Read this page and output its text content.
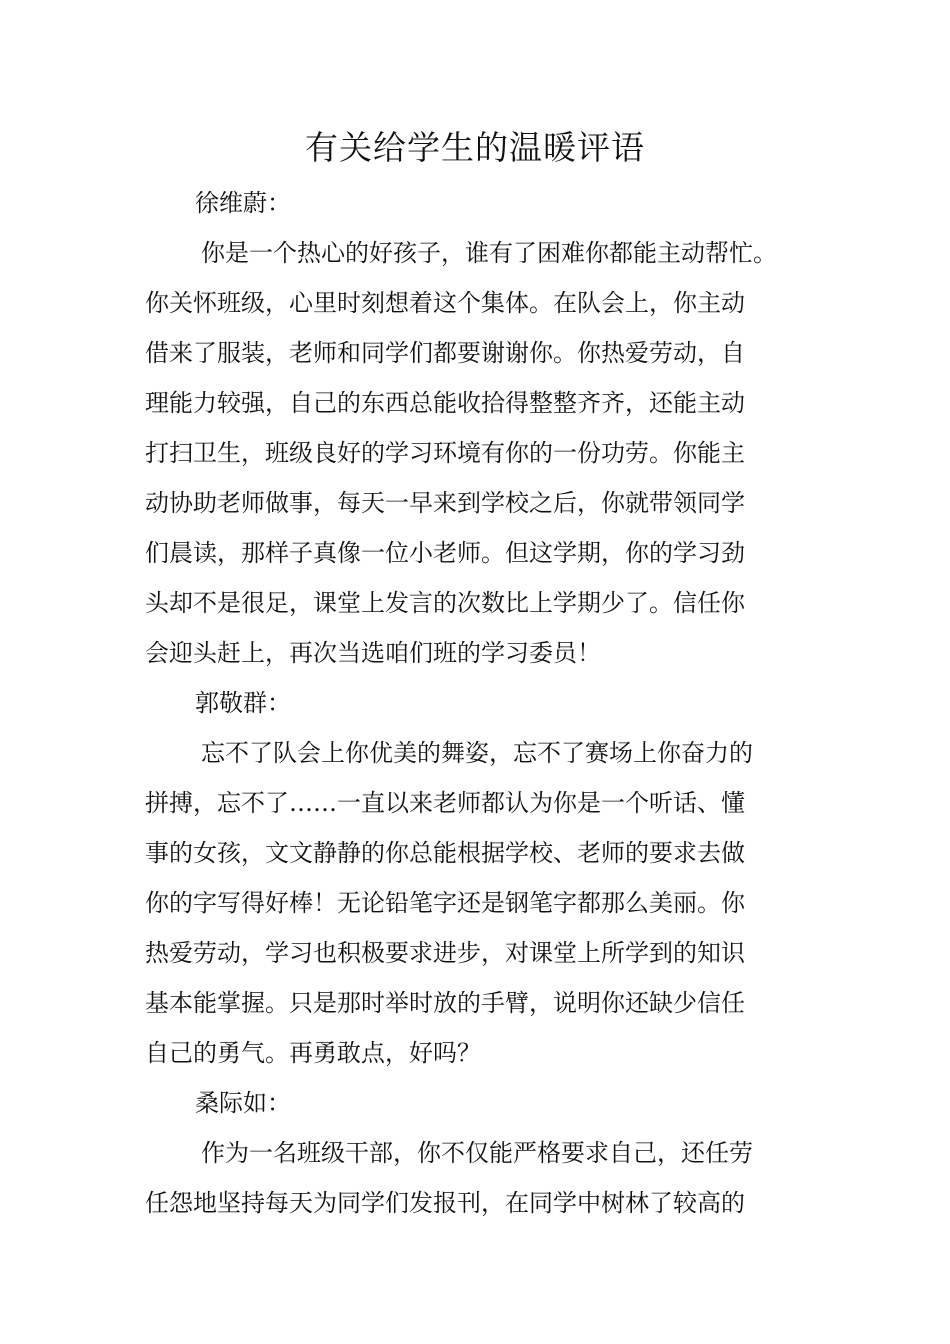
有关给学生的温暖评语
徐维蔚：
你是一个热心的好孩子，谁有了困难你都能主动帮忙。
你关怀班级，心里时刻想着这个集体。在队会上，你主动
借来了服装，老师和同学们都要谢谢你。你热爱劳动，自
理能力较强，自己的东西总能收拾得整整齐齐，还能主动
打扫卫生，班级良好的学习环境有你的一份功劳。你能主
动协助老师做事，每天一早来到学校之后，你就带领同学
们晨读，那样子真像一位小老师。但这学期，你的学习劲
头却不是很足，课堂上发言的次数比上学期少了。信任你
会迎头赶上，再次当选咱们班的学习委员！
郭敬群：
忘不了队会上你优美的舞姿，忘不了赛场上你奋力的
拼搏，忘不了……一直以来老师都认为你是一个听话、懂
事的女孩，文文静静的你总能根据学校、老师的要求去做
你的字写得好棒！无论铅笔字还是钢笔字都那么美丽。你
热爱劳动，学习也积极要求进步，对课堂上所学到的知识
基本能掌握。只是那时举时放的手臂，说明你还缺少信任
自己的勇气。再勇敢点，好吗？
桑际如：
作为一名班级干部，你不仅能严格要求自己，还任劳
任怨地坚持每天为同学们发报刊，在同学中树林了较高的
